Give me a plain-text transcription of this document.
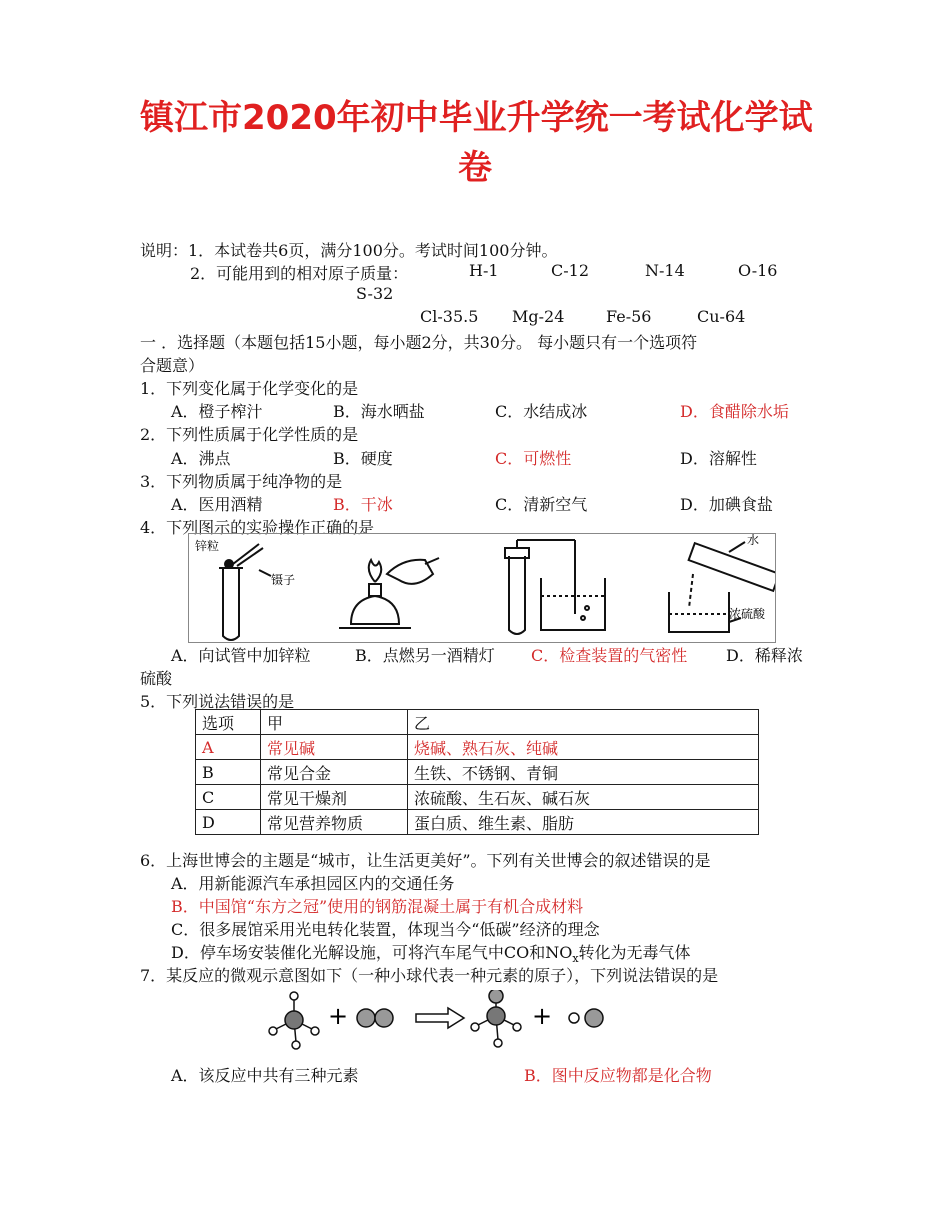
镇江市2020年初中毕业升学统一考试化学试
卷
说明：1．本试卷共6页，满分100分。考试时间100分钟。
2．可能用到的相对原子质量：	H-1	C-12	N-14	O-16
S-32
Cl-35.5 Mg-24	Fe-56	Cu-64
一 ．选择题（本题包括15小题，每小题2分，共30分。 每小题只有一个选项符
合题意）
1．下列变化属于化学变化的是
A．橙子榨汁	B．海水晒盐	C．水结成冰	D．食醋除水垢
2．下列性质属于化学性质的是
A．沸点	B．硬度	C．可燃性	D．溶解性
3．下列物质属于纯净物的是
A．医用酒精	B．干冰	C．清新空气	D．加碘食盐
4．下列图示的实验操作正确的是
锌粒
镊子
水
浓硫酸
A．向试管中加锌粒	B．点燃另一酒精灯 C．检查装置的气密性 D．稀释浓
硫酸
5．下列说法错误的是
选项	甲	乙
A	常见碱	烧碱、熟石灰、纯碱
B	常见合金	生铁、不锈钢、青铜
C	常见干燥剂	浓硫酸、生石灰、碱石灰
D	常见营养物质	蛋白质、维生素、脂肪
6．上海世博会的主题是“城市，让生活更美好”。下列有关世博会的叙述错误的是
A．用新能源汽车承担园区内的交通任务
B．中国馆“东方之冠”使用的钢筋混凝土属于有机合成材料
C．很多展馆采用光电转化装置，体现当今“低碳”经济的理念
D．停车场安装催化光解设施，可将汽车尾气中CO和$NO_x$转化为无毒气体
7．某反应的微观示意图如下（一种小球代表一种元素的原子），下列说法错误的是
+	+
A．该反应中共有三种元素	B．图中反应物都是化合物
